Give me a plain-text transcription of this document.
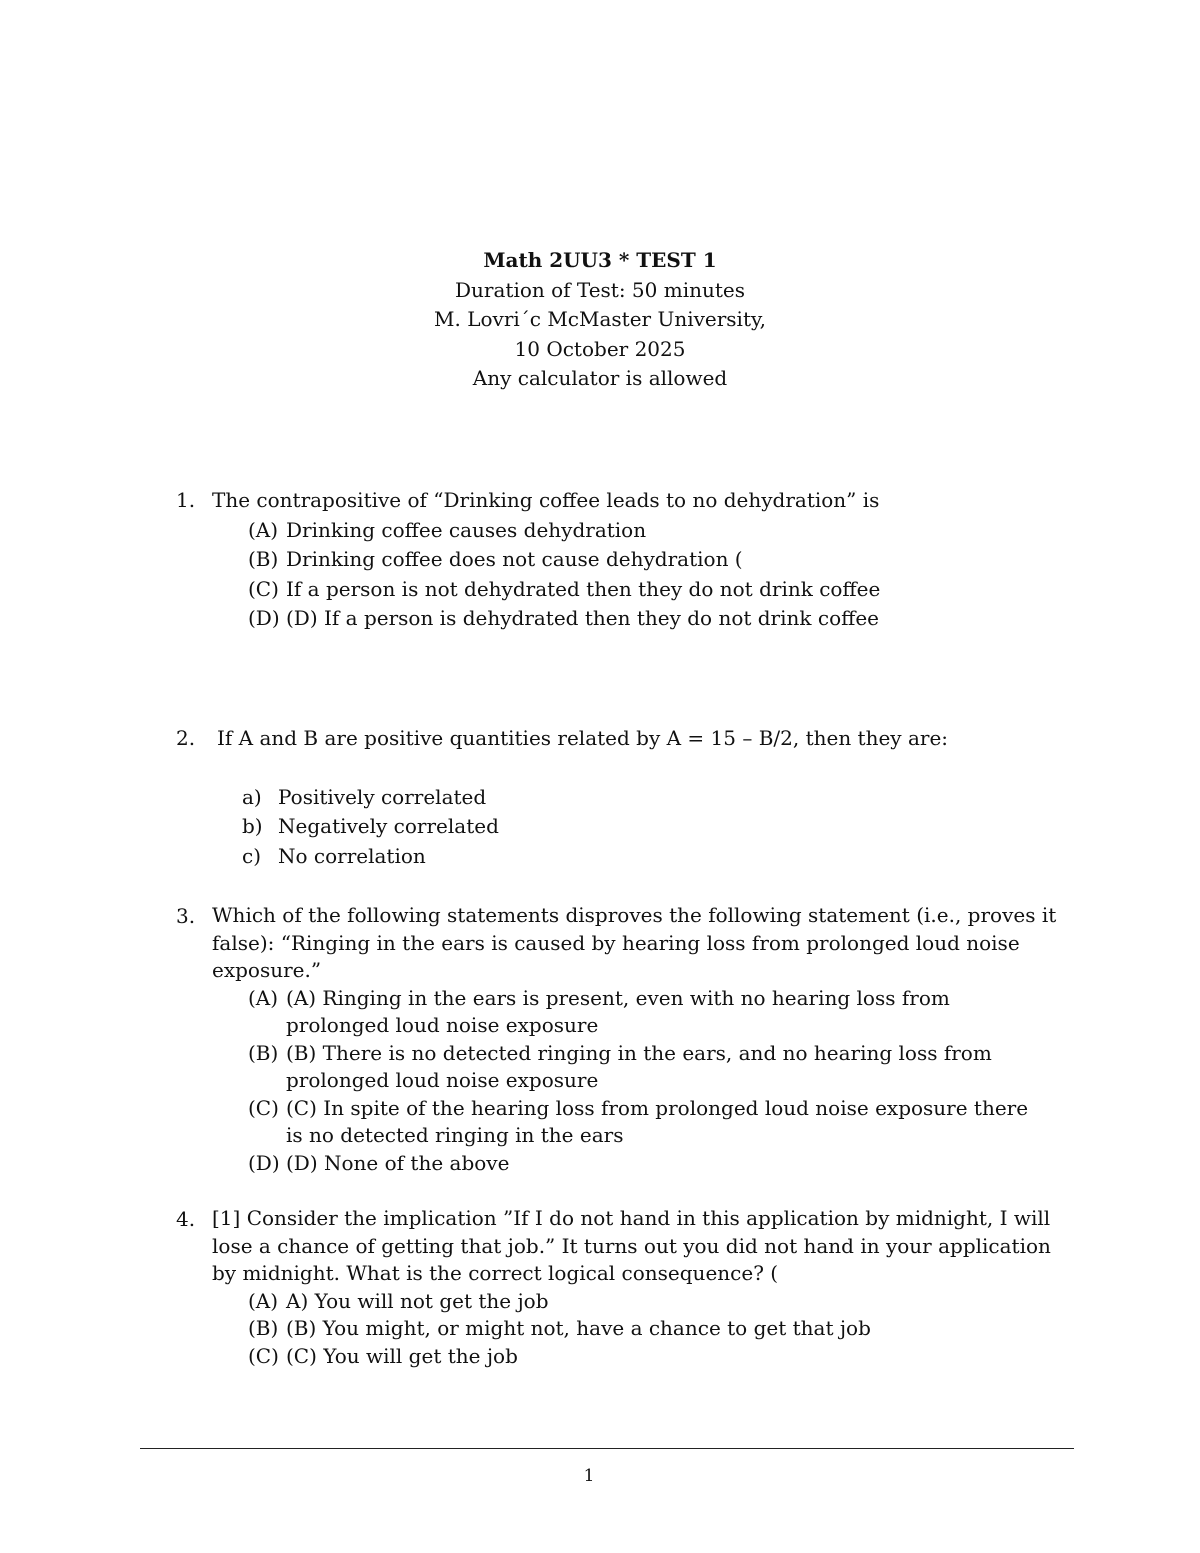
Math 2UU3 * TEST 1
Duration of Test: 50 minutes
M. Lovri´c McMaster University,
10 October 2025
Any calculator is allowed
1. The contrapositive of “Drinking coffee leads to no dehydration” is
(A) Drinking coffee causes dehydration
(B) Drinking coffee does not cause dehydration (
(C) If a person is not dehydrated then they do not drink coffee
(D) (D) If a person is dehydrated then they do not drink coffee
2.	If A and B are positive quantities related by A = 15 – B/2, then they are:
a) Positively correlated
b) Negatively correlated
c) No correlation
3. Which of the following statements disproves the following statement (i.e., proves it false): “Ringing in the ears is caused by hearing loss from prolonged loud noise exposure.”
(A) (A) Ringing in the ears is present, even with no hearing loss from prolonged loud noise exposure
(B) (B) There is no detected ringing in the ears, and no hearing loss from prolonged loud noise exposure
(C) (C) In spite of the hearing loss from prolonged loud noise exposure there is no detected ringing in the ears
(D) (D) None of the above
4. [1] Consider the implication ”If I do not hand in this application by midnight, I will lose a chance of getting that job.” It turns out you did not hand in your application by midnight. What is the correct logical consequence? (
(A) A) You will not get the job
(B) (B) You might, or might not, have a chance to get that job
(C) (C) You will get the job
1
